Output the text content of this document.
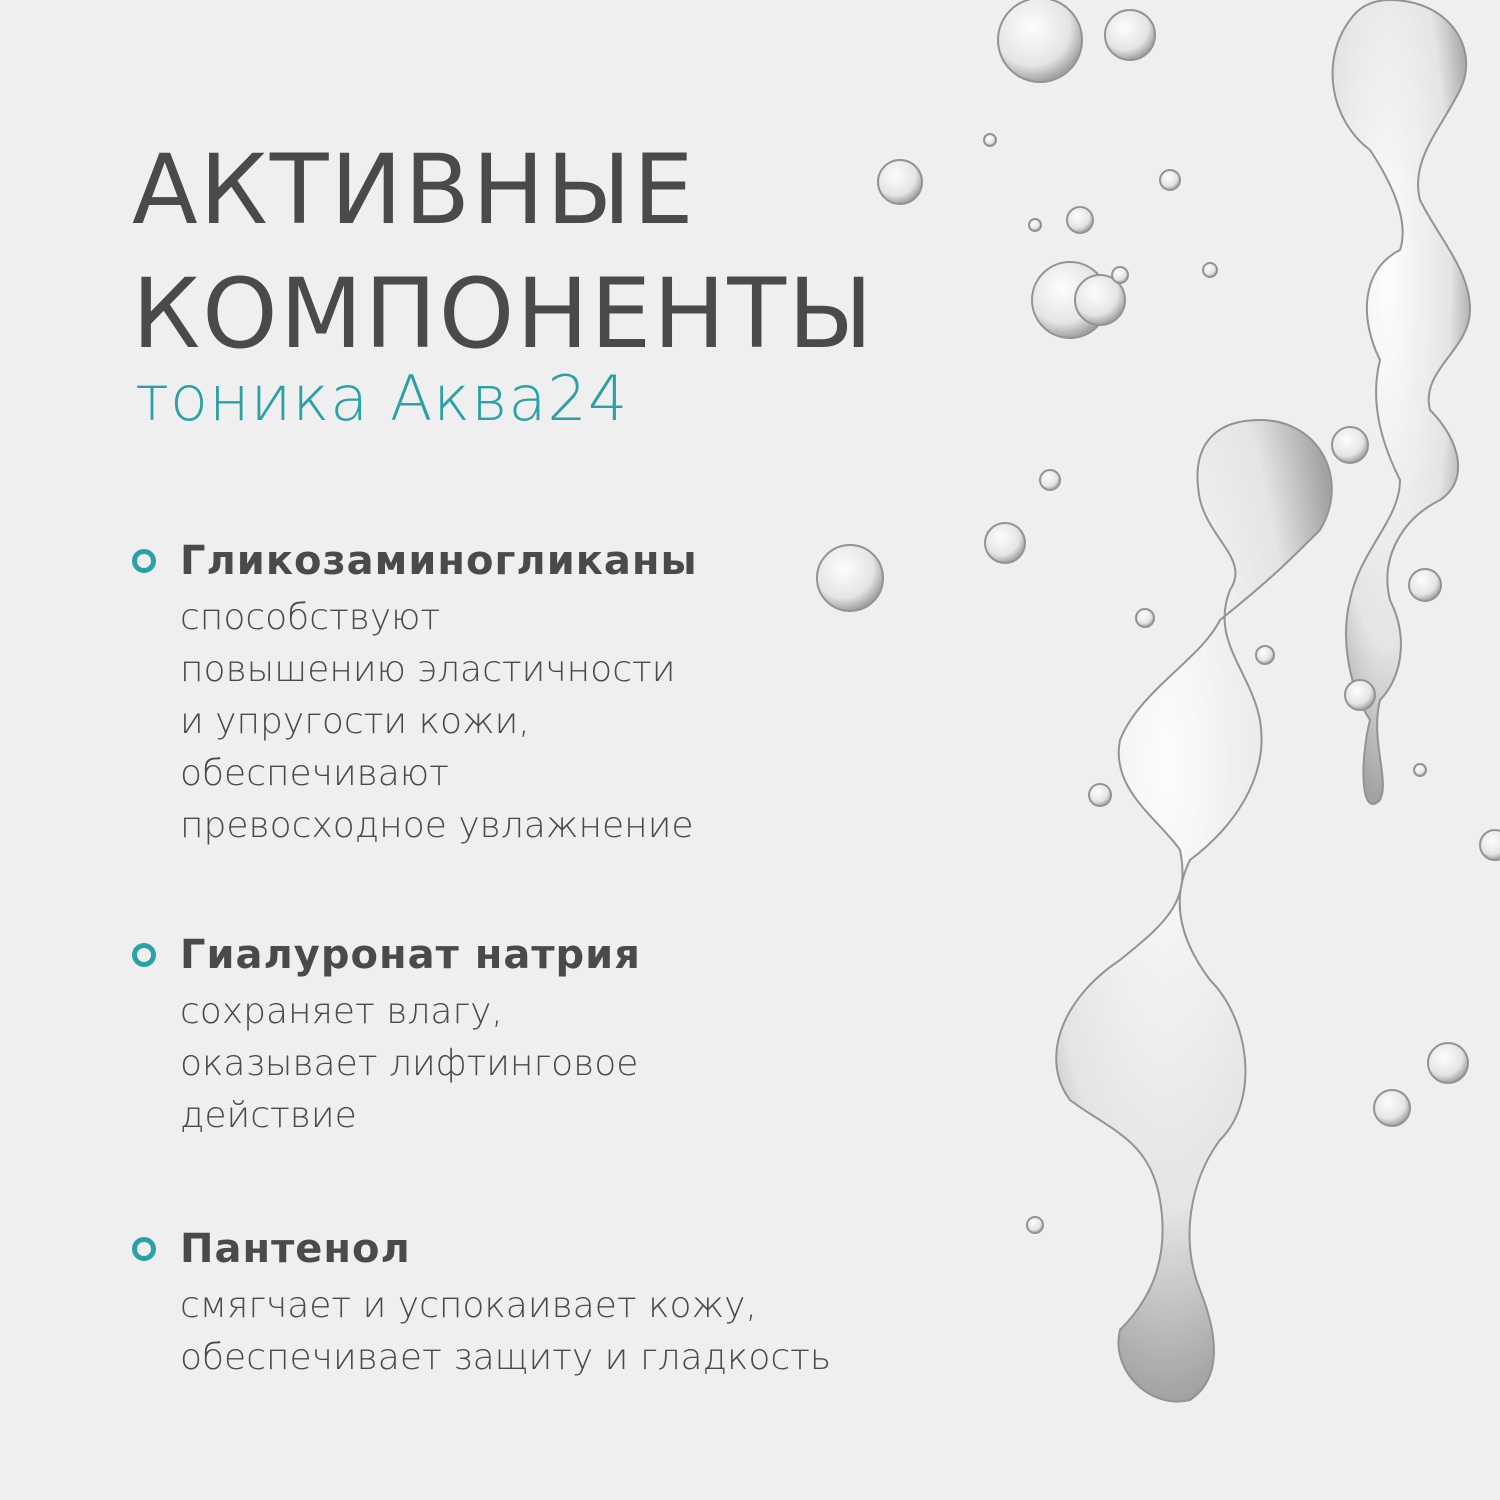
АКТИВНЫЕ
КОМПОНЕНТЫ
тоника Аква24
Гликозаминогликаны
способствуют
повышению эластичности
и упругости кожи,
обеспечивают
превосходное увлажнение
Гиалуронат натрия
сохраняет влагу,
оказывает лифтинговое
действие
Пантенол
смягчает и успокаивает кожу,
обеспечивает защиту и гладкость
